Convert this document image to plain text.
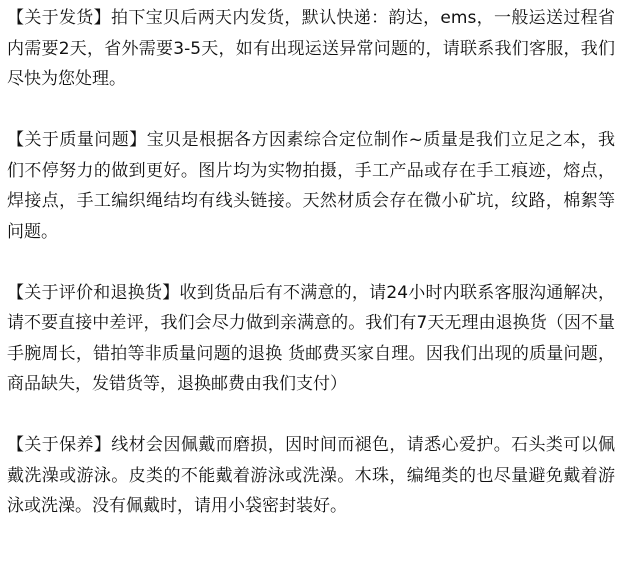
【关于发货】拍下宝贝后两天内发货，默认快递：韵达，ems，一般运送过程省内需要2天，省外需要3-5天，如有出现运送异常问题的，请联系我们客服，我们尽快为您处理。

【关于质量问题】宝贝是根据各方因素综合定位制作~质量是我们立足之本，我们不停努力的做到更好。图片均为实物拍摄，手工产品或存在手工痕迹，熔点，焊接点，手工编织绳结均有线头链接。天然材质会存在微小矿坑，纹路，棉絮等问题。

【关于评价和退换货】收到货品后有不满意的，请24小时内联系客服沟通解决，请不要直接中差评，我们会尽力做到亲满意的。我们有7天无理由退换货（因不量手腕周长，错拍等非质量问题的退换 货邮费买家自理。因我们出现的质量问题，商品缺失，发错货等，退换邮费由我们支付）

【关于保养】线材会因佩戴而磨损，因时间而褪色，请悉心爱护。石头类可以佩戴洗澡或游泳。皮类的不能戴着游泳或洗澡。木珠，编绳类的也尽量避免戴着游泳或洗澡。没有佩戴时，请用小袋密封装好。
